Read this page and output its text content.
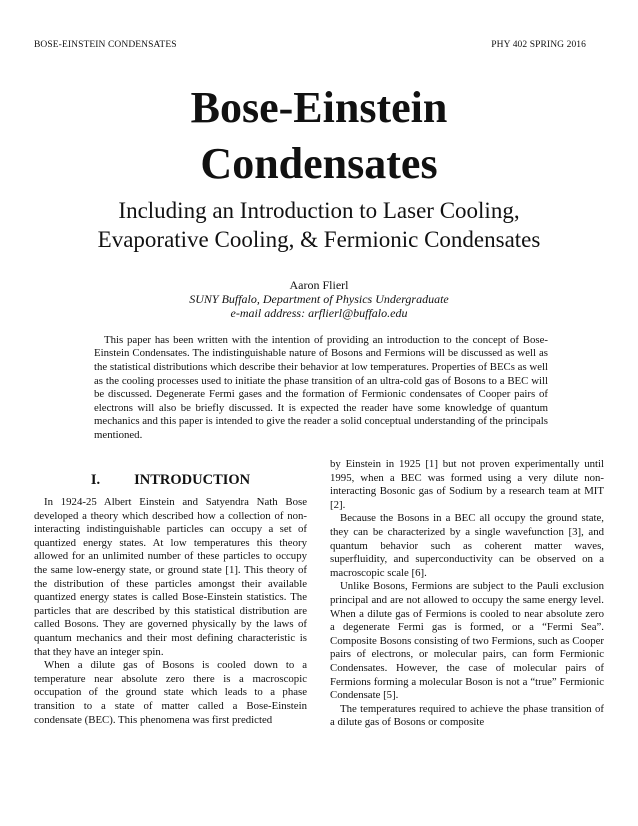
BOSE-EINSTEIN CONDENSATES	PHY 402 SPRING 2016
Bose-Einstein
Condensates
Including an Introduction to Laser Cooling,
Evaporative Cooling, & Fermionic Condensates
Aaron Flierl
SUNY Buffalo, Department of Physics Undergraduate
e-mail address: arflierl@buffalo.edu

This paper has been written with the intention of providing an introduction to the concept of Bose-Einstein Condensates. The indistinguishable nature of Bosons and Fermions will be discussed as well as the statistical distributions which describe their behavior at low temperatures. Properties of BECs as well as the cooling processes used to initiate the phase transition of an ultra-cold gas of Bosons to a BEC will be discussed. Degenerate Fermi gases and the formation of Fermionic condensates of Cooper pairs of electrons will also be briefly discussed. It is expected the reader have some knowledge of quantum mechanics and this paper is intended to give the reader a solid conceptual understanding of the principals mentioned.

I. INTRODUCTION

In 1924-25 Albert Einstein and Satyendra Nath Bose developed a theory which described how a collection of non-interacting indistinguishable particles can occupy a set of quantized energy states. At low temperatures this theory allowed for an unlimited number of these particles to occupy the same low-energy state, or ground state [1]. This theory of the distribution of these particles amongst their available quantized energy states is called Bose-Einstein statistics. The particles that are described by this statistical distribution are called Bosons. They are governed physically by the laws of quantum mechanics and their most defining characteristic is that they have an integer spin.

When a dilute gas of Bosons is cooled down to a temperature near absolute zero there is a macroscopic occupation of the ground state which leads to a phase transition to a state of matter called a Bose-Einstein condensate (BEC). This phenomena was first predicted

by Einstein in 1925 [1] but not proven experimentally until 1995, when a BEC was formed using a very dilute non-interacting Bosonic gas of Sodium by a research team at MIT [2].

Because the Bosons in a BEC all occupy the ground state, they can be characterized by a single wavefunction [3], and quantum behavior such as coherent matter waves, superfluidity, and superconductivity can be observed on a macroscopic scale [6].

Unlike Bosons, Fermions are subject to the Pauli exclusion principal and are not allowed to occupy the same energy level. When a dilute gas of Fermions is cooled to near absolute zero a degenerate Fermi gas is formed, or a “Fermi Sea”. Composite Bosons consisting of two Fermions, such as Cooper pairs of electrons, or molecular pairs, can form Fermionic Condensates. However, the case of molecular pairs of Fermions forming a molecular Boson is not a “true” Fermionic Condensate [5].

The temperatures required to achieve the phase transition of a dilute gas of Bosons or composite
